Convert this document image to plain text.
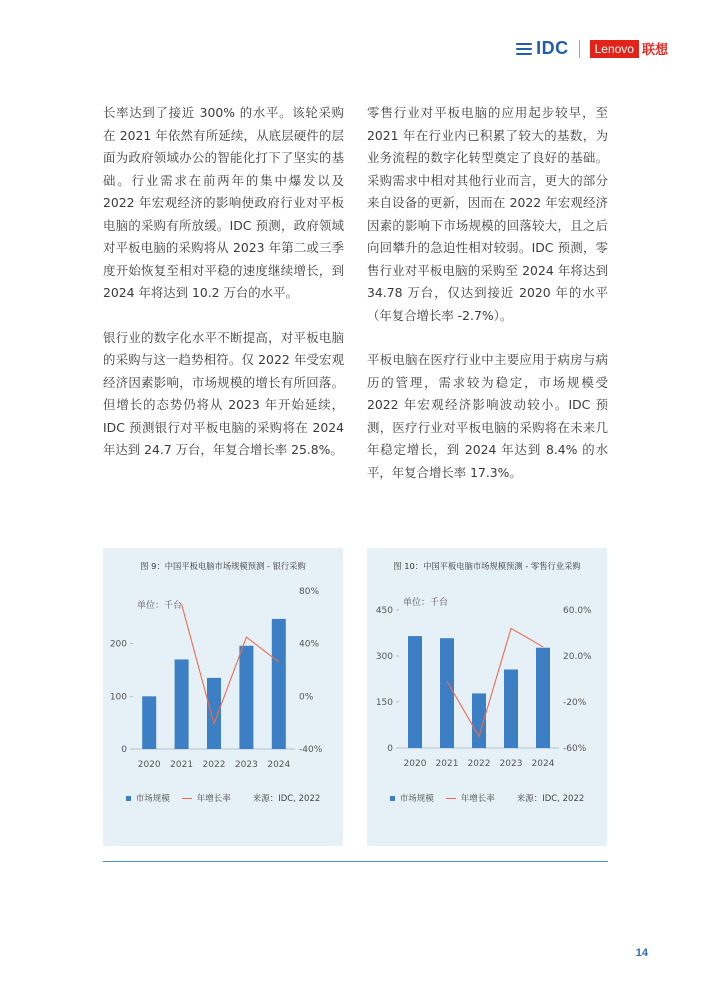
IDC	Lenovo 联想

长率达到了接近 300% 的水平。该轮采购在 2021 年依然有所延续，从底层硬件的层面为政府领域办公的智能化打下了坚实的基础。行业需求在前两年的集中爆发以及 2022 年宏观经济的影响使政府行业对平板电脑的采购有所放缓。IDC 预测，政府领域对平板电脑的采购将从 2023 年第二或三季度开始恢复至相对平稳的速度继续增长，到 2024 年将达到 10.2 万台的水平。

银行业的数字化水平不断提高，对平板电脑的采购与这一趋势相符。仅 2022 年受宏观经济因素影响，市场规模的增长有所回落。但增长的态势仍将从 2023 年开始延续，IDC 预测银行对平板电脑的采购将在 2024 年达到 24.7 万台，年复合增长率 25.8%。

零售行业对平板电脑的应用起步较早，至 2021 年在行业内已积累了较大的基数，为业务流程的数字化转型奠定了良好的基础。采购需求中相对其他行业而言，更大的部分来自设备的更新，因而在 2022 年宏观经济因素的影响下市场规模的回落较大，且之后向回攀升的急迫性相对较弱。IDC 预测，零售行业对平板电脑的采购至 2024 年将达到 34.78 万台，仅达到接近 2020 年的水平（年复合增长率 -2.7%）。

平板电脑在医疗行业中主要应用于病房与病历的管理，需求较为稳定，市场规模受 2022 年宏观经济影响波动较小。IDC 预测，医疗行业对平板电脑的采购将在未来几年稳定增长，到 2024 年达到 8.4% 的水平，年复合增长率 17.3%。

图 9：中国平板电脑市场规模预测 - 银行采购
单位：千台
0
100
200
-40%
0%
40%
80%
2020 2021 2022 2023 2024
市场规模	年增长率	来源：IDC, 2022
图 10：中国平板电脑市场规模预测 - 零售行业采购
单位：千台
0
150
300
450
-60%
-20%
20.0%
60.0%
2020 2021 2022 2023 2024
市场规模	年增长率	来源：IDC, 2022
14
